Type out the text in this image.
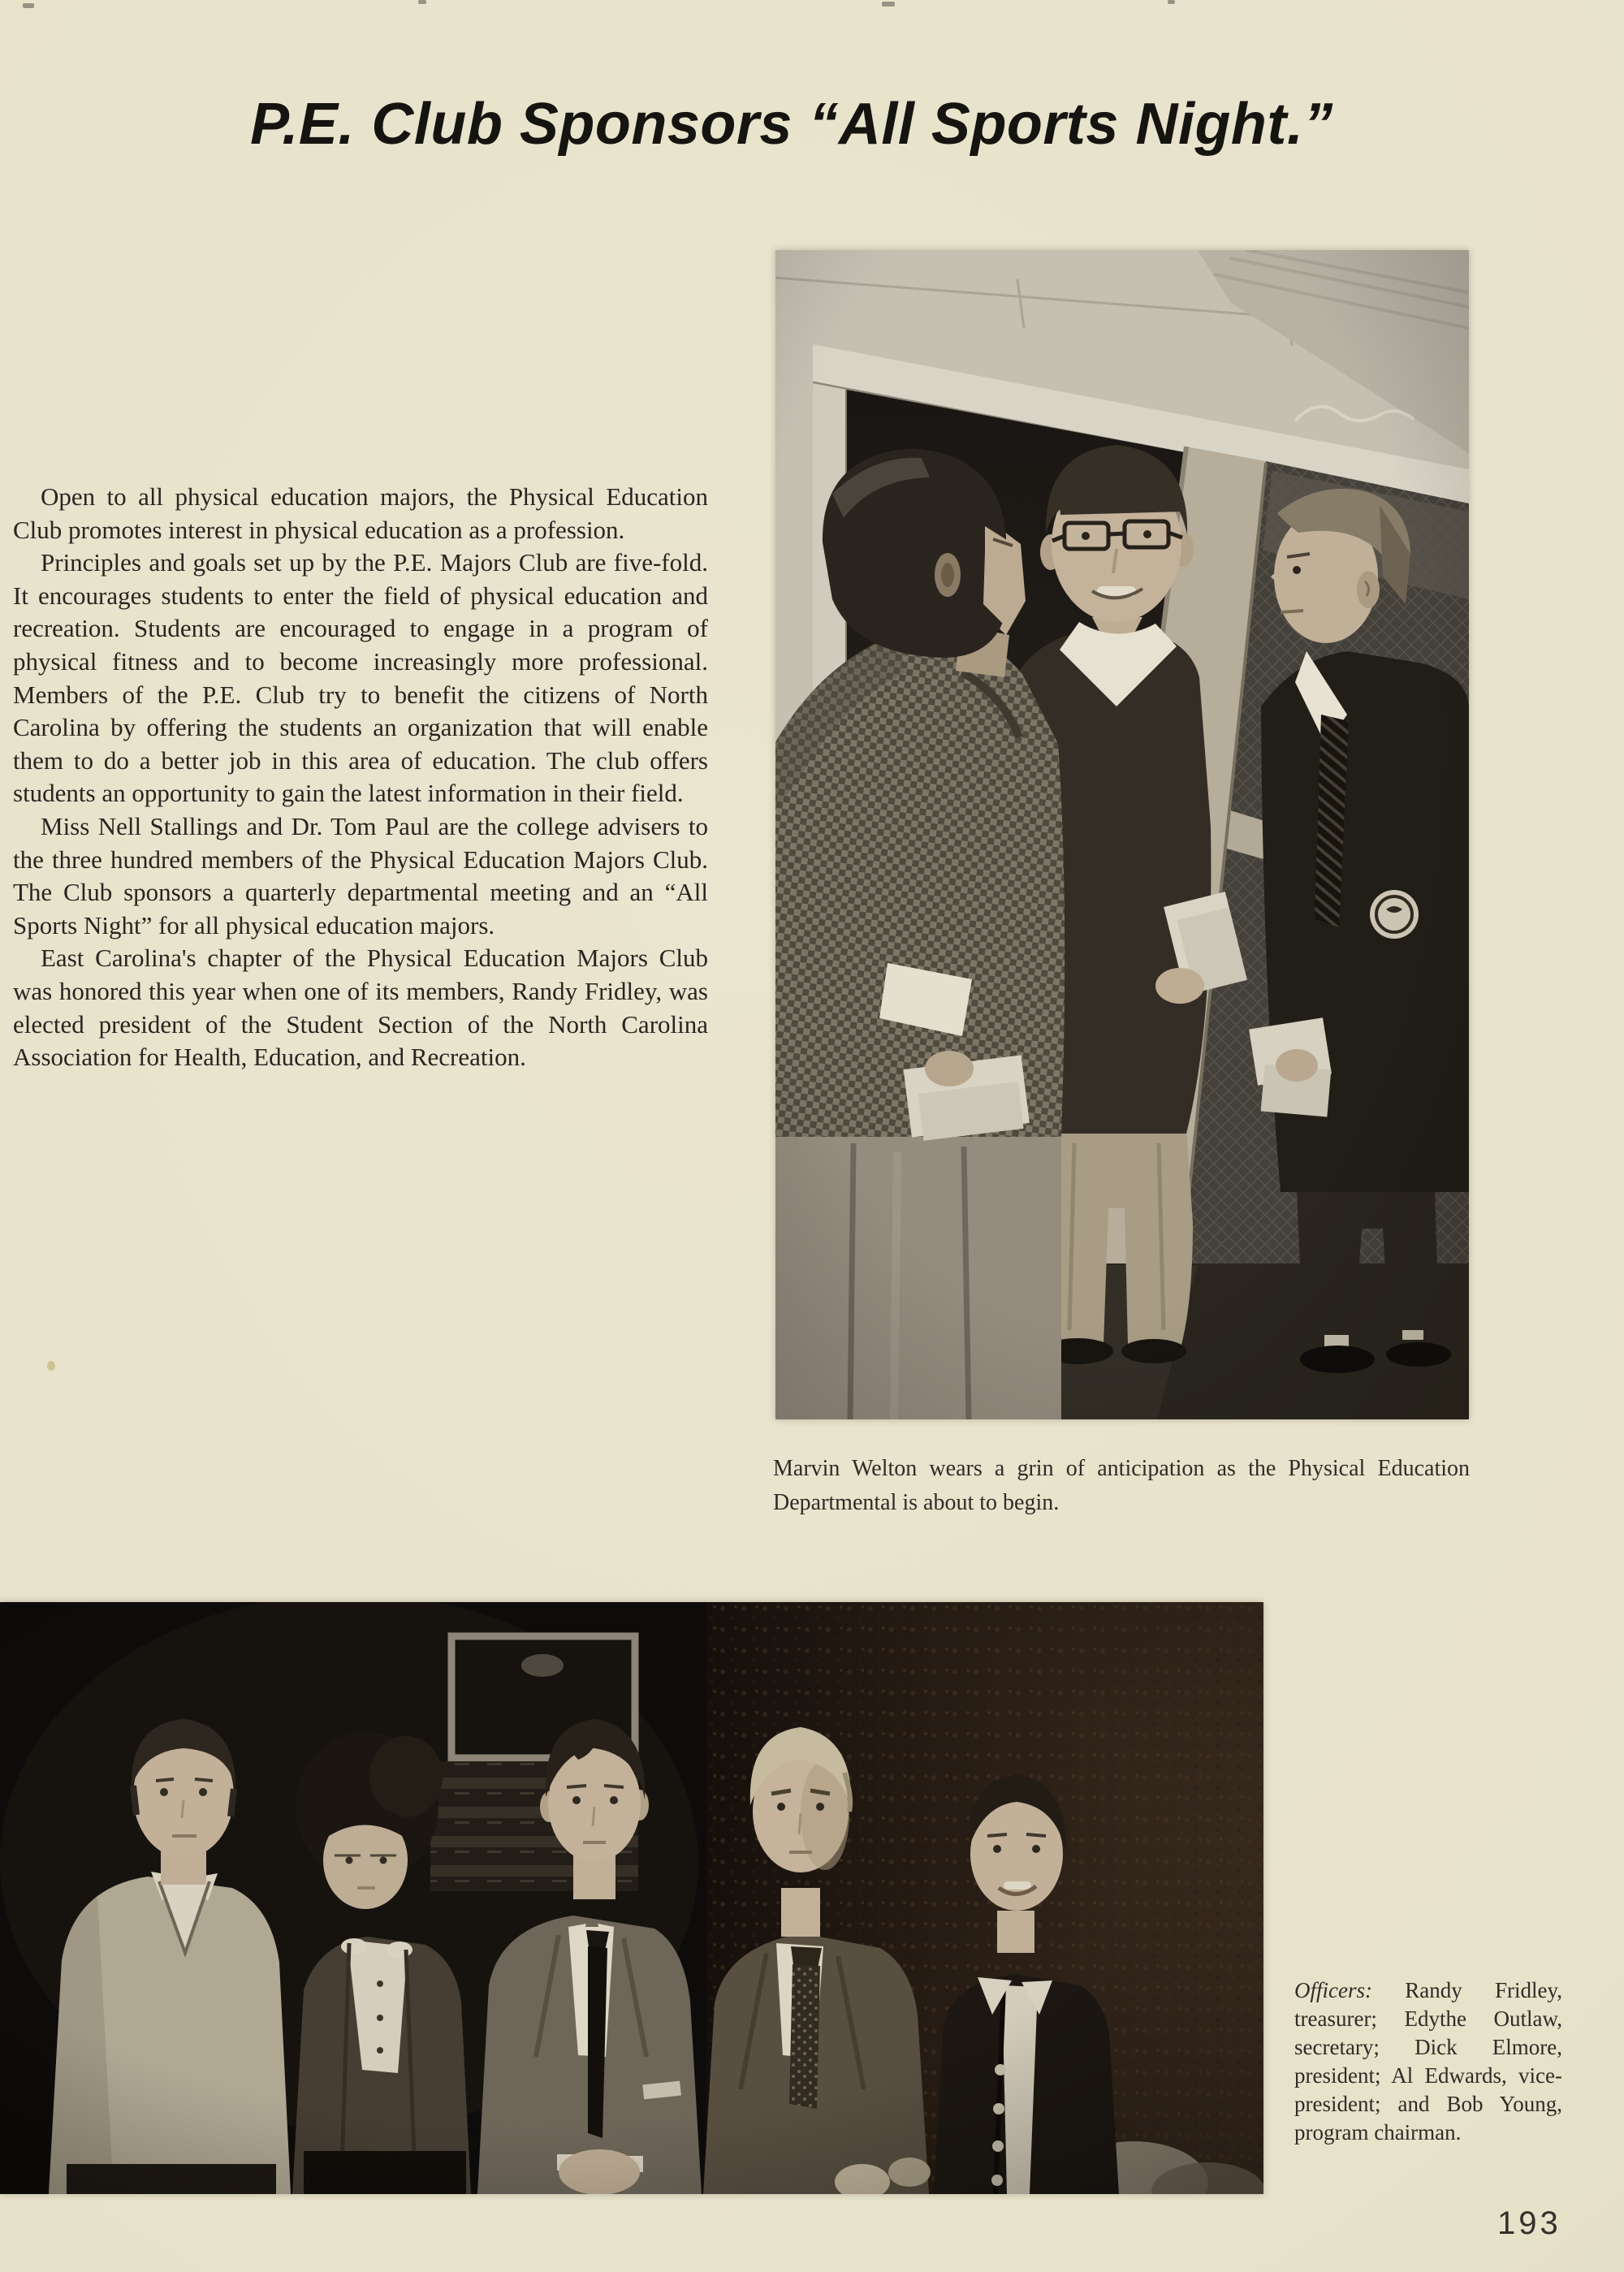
P.E. Club Sponsors “All Sports Night.”

Open to all physical education majors, the Physical Education Club promotes interest in physical education as a profession.

Principles and goals set up by the P.E. Majors Club are five-fold. It encourages students to enter the field of physical education and recreation. Students are encouraged to engage in a program of physical fitness and to become increasingly more professional. Members of the P.E. Club try to benefit the citizens of North Carolina by offering the students an organization that will enable them to do a better job in this area of education. The club offers students an opportunity to gain the latest information in their field.

Miss Nell Stallings and Dr. Tom Paul are the college advisers to the three hundred members of the Physical Education Majors Club. The Club sponsors a quarterly departmental meeting and an “All Sports Night” for all physical education majors.

East Carolina's chapter of the Physical Education Majors Club was honored this year when one of its members, Randy Fridley, was elected president of the Student Section of the North Carolina Association for Health, Education, and Recreation.

Marvin Welton wears a grin of anticipation as the Physical Education Departmental is about to begin.

Officers: Randy Fridley, treasurer; Edythe Outlaw, secretary; Dick Elmore, president; Al Edwards, vice-president; and Bob Young, program chairman.

193
